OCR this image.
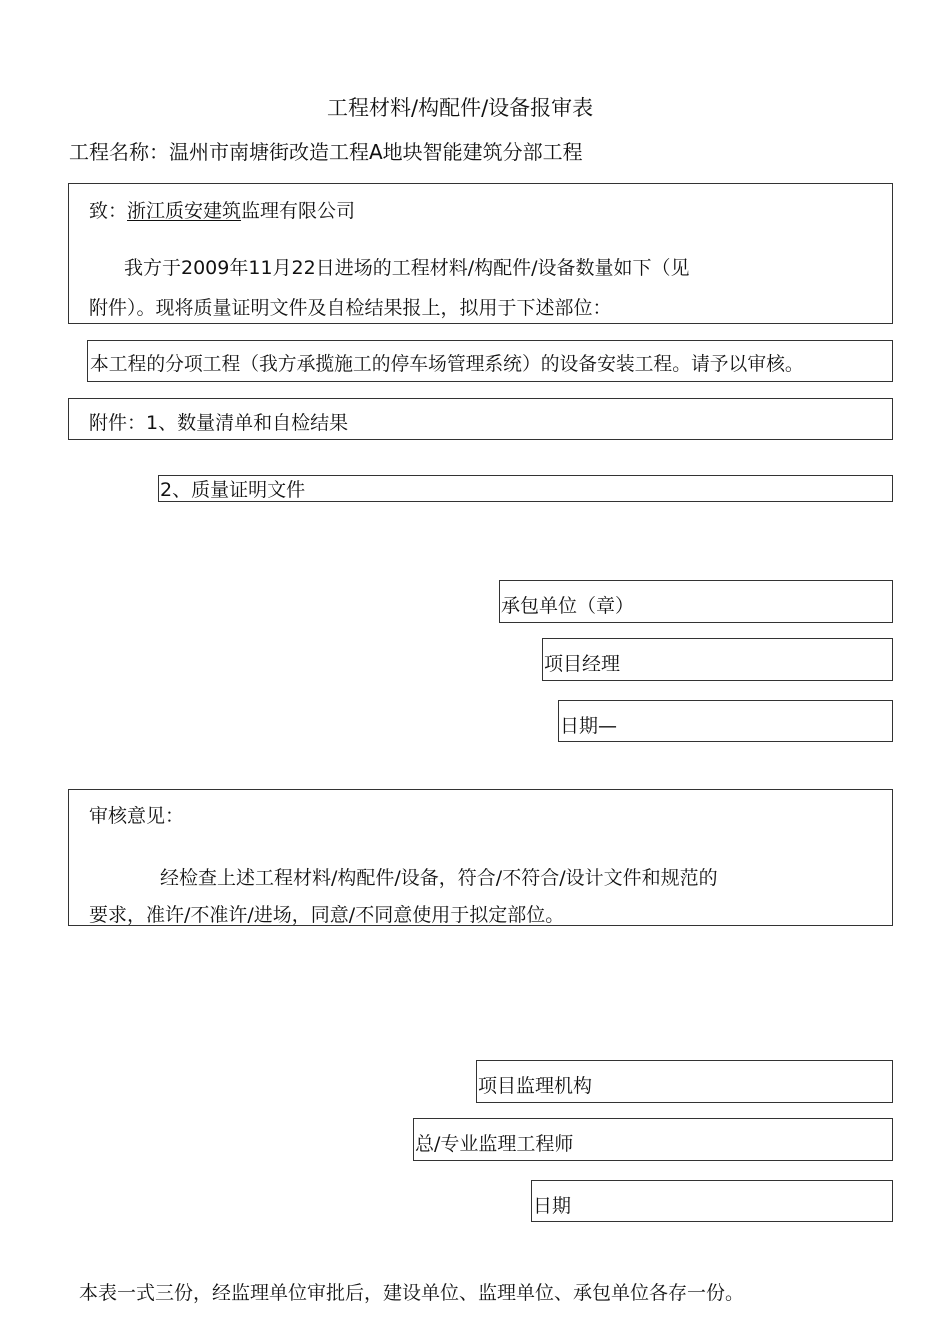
工程材料/构配件/设备报审表
工程名称：温州市南塘街改造工程A地块智能建筑分部工程
致：浙江质安建筑监理有限公司
我方于2009年11月22日进场的工程材料/构配件/设备数量如下（见
附件）。现将质量证明文件及自检结果报上，拟用于下述部位：
本工程的分项工程（我方承揽施工的停车场管理系统）的设备安装工程。请予以审核。
附件：1、数量清单和自检结果
2、质量证明文件
承包单位（章）
项目经理
日期—
审核意见：
经检查上述工程材料/构配件/设备，符合/不符合/设计文件和规范的
要求，准许/不准许/进场，同意/不同意使用于拟定部位。
项目监理机构
总/专业监理工程师
日期
本表一式三份，经监理单位审批后，建设单位、监理单位、承包单位各存一份。
